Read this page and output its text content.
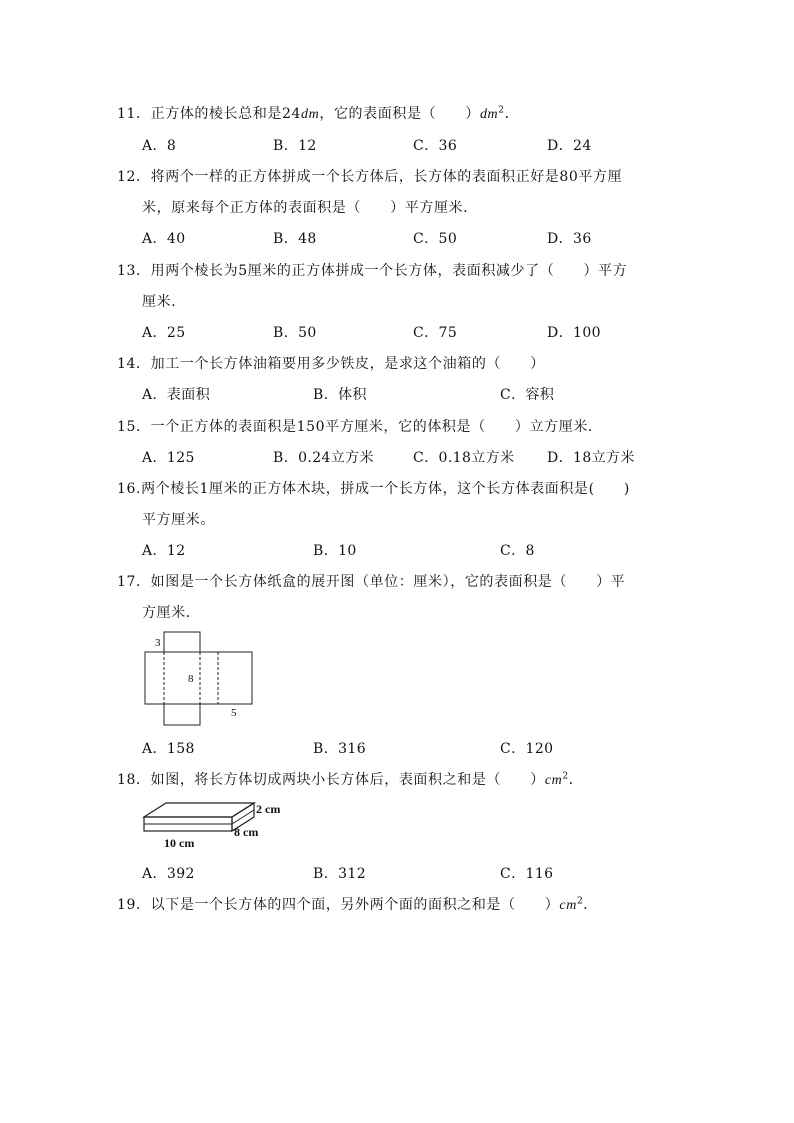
11．正方体的棱长总和是24dm，它的表面积是（　　）$dm^2$．
A．8	B．12	C．36	D．24
12．将两个一样的正方体拼成一个长方体后，长方体的表面积正好是80平方厘
米，原来每个正方体的表面积是（　　）平方厘米．
A．40	B．48	C．50	D．36
13．用两个棱长为5厘米的正方体拼成一个长方体，表面积减少了（　　）平方
厘米．
A．25	B．50	C．75	D．100
14．加工一个长方体油箱要用多少铁皮，是求这个油箱的（　　）
A．表面积	B．体积	C．容积
15．一个正方体的表面积是150平方厘米，它的体积是（　　）立方厘米．
A．125	B．0.24立方米	C．0.18立方米 D．18立方米
16.两个棱长1厘米的正方体木块，拼成一个长方体，这个长方体表面积是(　　)
平方厘米。
A．12	B．10	C．8
17．如图是一个长方体纸盒的展开图（单位：厘米），它的表面积是（　　）平
方厘米．
3
8
5
A．158	B．316	C．120
18．如图，将长方体切成两块小长方体后，表面积之和是（　　）$cm^2$．
2 cm
8 cm
10 cm
A．392	B．312	C．116
19．以下是一个长方体的四个面，另外两个面的面积之和是（　　）$cm^2$．
